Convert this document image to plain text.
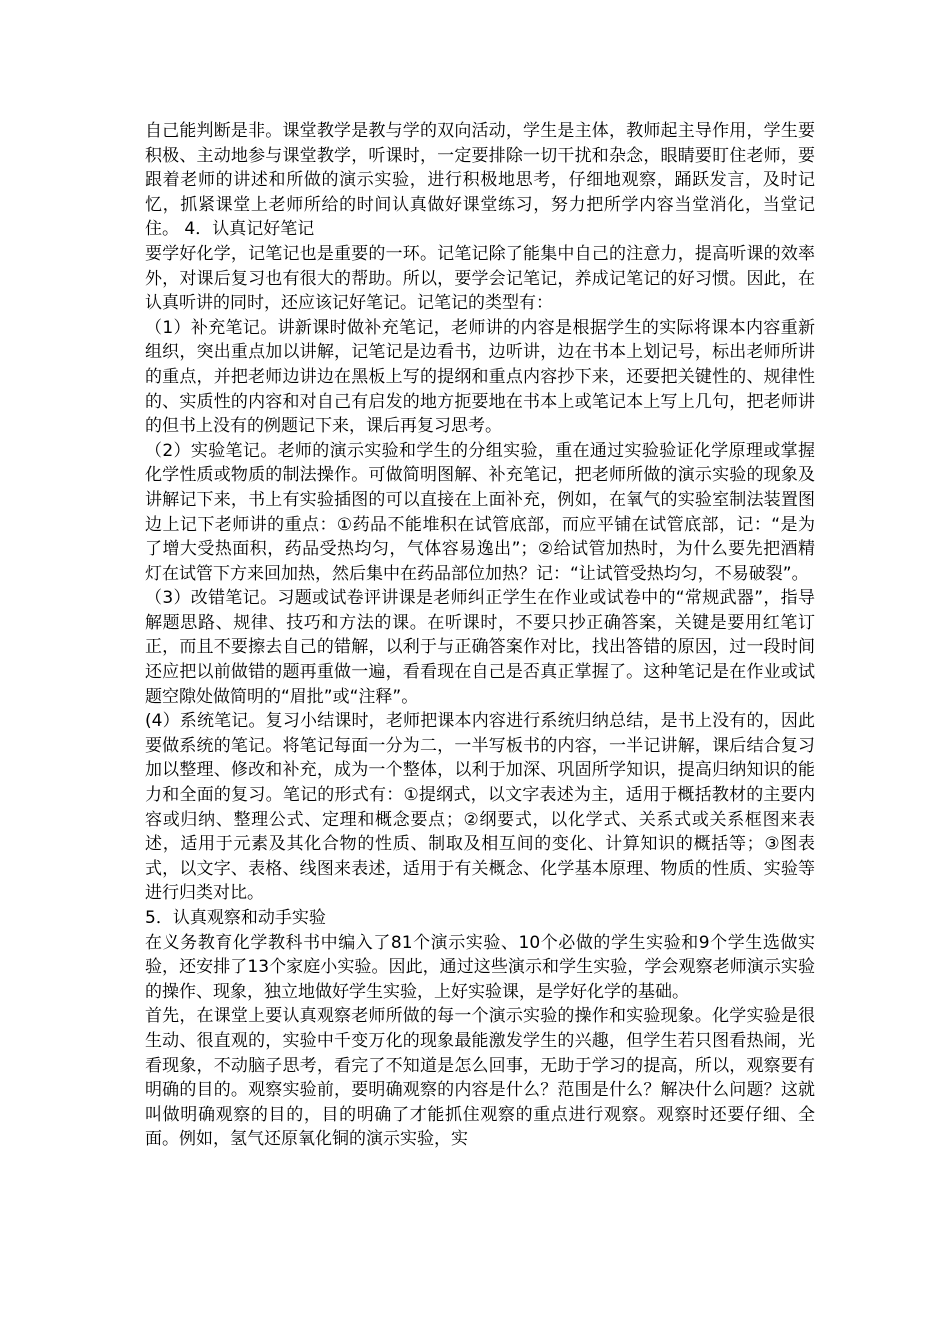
自己能判断是非。课堂教学是教与学的双向活动，学生是主体，教师起主导作用，学生要积极、主动地参与课堂教学，听课时，一定要排除一切干扰和杂念，眼睛要盯住老师，要跟着老师的讲述和所做的演示实验，进行积极地思考，仔细地观察，踊跃发言，及时记忆，抓紧课堂上老师所给的时间认真做好课堂练习，努力把所学内容当堂消化，当堂记住。 4．认真记好笔记

要学好化学，记笔记也是重要的一环。记笔记除了能集中自己的注意力，提高听课的效率外，对课后复习也有很大的帮助。所以，要学会记笔记，养成记笔记的好习惯。因此，在认真听讲的同时，还应该记好笔记。记笔记的类型有：

（1）补充笔记。讲新课时做补充笔记，老师讲的内容是根据学生的实际将课本内容重新组织，突出重点加以讲解，记笔记是边看书，边听讲，边在书本上划记号，标出老师所讲的重点，并把老师边讲边在黑板上写的提纲和重点内容抄下来，还要把关键性的、规律性的、实质性的内容和对自己有启发的地方扼要地在书本上或笔记本上写上几句，把老师讲的但书上没有的例题记下来，课后再复习思考。

（2）实验笔记。老师的演示实验和学生的分组实验，重在通过实验验证化学原理或掌握化学性质或物质的制法操作。可做简明图解、补充笔记，把老师所做的演示实验的现象及讲解记下来，书上有实验插图的可以直接在上面补充，例如，在氧气的实验室制法装置图边上记下老师讲的重点：①药品不能堆积在试管底部，而应平铺在试管底部，记：“是为了增大受热面积，药品受热均匀，气体容易逸出”；②给试管加热时，为什么要先把酒精灯在试管下方来回加热，然后集中在药品部位加热？记：“让试管受热均匀，不易破裂”。

（3）改错笔记。习题或试卷评讲课是老师纠正学生在作业或试卷中的“常规武器”，指导解题思路、规律、技巧和方法的课。在听课时，不要只抄正确答案，关键是要用红笔订正，而且不要擦去自己的错解，以利于与正确答案作对比，找出答错的原因，过一段时间还应把以前做错的题再重做一遍，看看现在自己是否真正掌握了。这种笔记是在作业或试题空隙处做简明的“眉批”或“注释”。

(4）系统笔记。复习小结课时，老师把课本内容进行系统归纳总结，是书上没有的，因此要做系统的笔记。将笔记每面一分为二，一半写板书的内容，一半记讲解，课后结合复习加以整理、修改和补充，成为一个整体，以利于加深、巩固所学知识，提高归纳知识的能力和全面的复习。笔记的形式有：①提纲式，以文字表述为主，适用于概括教材的主要内容或归纳、整理公式、定理和概念要点；②纲要式，以化学式、关系式或关系框图来表述，适用于元素及其化合物的性质、制取及相互间的变化、计算知识的概括等；③图表式，以文字、表格、线图来表述，适用于有关概念、化学基本原理、物质的性质、实验等进行归类对比。

5．认真观察和动手实验

在义务教育化学教科书中编入了81个演示实验、10个必做的学生实验和9个学生选做实验，还安排了13个家庭小实验。因此，通过这些演示和学生实验，学会观察老师演示实验的操作、现象，独立地做好学生实验，上好实验课，是学好化学的基础。

首先，在课堂上要认真观察老师所做的每一个演示实验的操作和实验现象。化学实验是很生动、很直观的，实验中千变万化的现象最能激发学生的兴趣，但学生若只图看热闹，光看现象，不动脑子思考，看完了不知道是怎么回事，无助于学习的提高，所以，观察要有明确的目的。观察实验前，要明确观察的内容是什么？范围是什么？解决什么问题？这就叫做明确观察的目的，目的明确了才能抓住观察的重点进行观察。观察时还要仔细、全面。例如，氢气还原氧化铜的演示实验，实
